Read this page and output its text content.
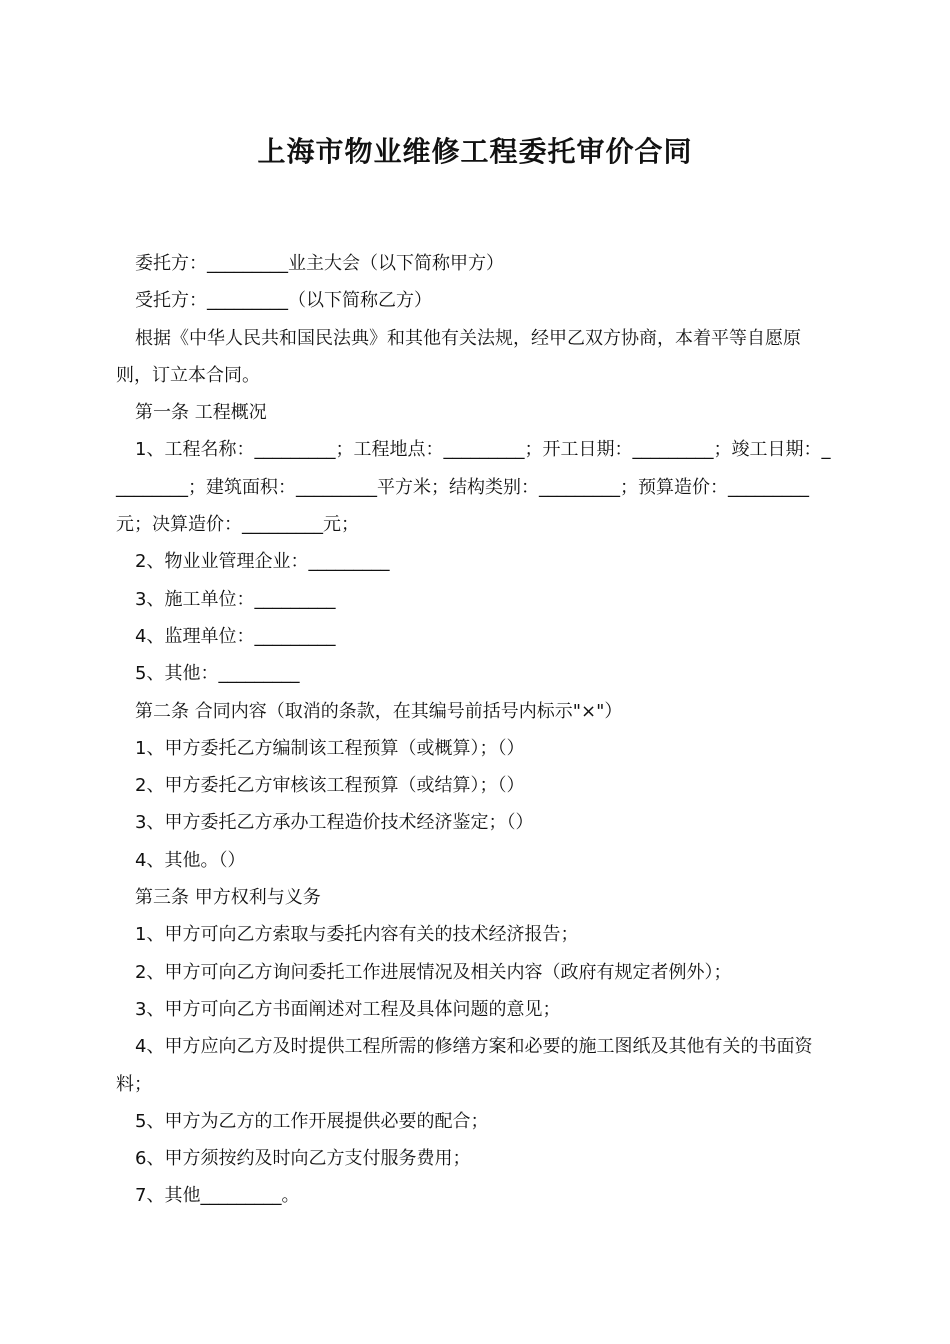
上海市物业维修工程委托审价合同

委托方：_________业主大会（以下简称甲方）

受托方：_________（以下简称乙方）

根据《中华人民共和国民法典》和其他有关法规，经甲乙双方协商，本着平等自愿原则，订立本合同。

第一条 工程概况

1、工程名称：_________；工程地点：_________；开工日期：_________；竣工日期：_________；建筑面积：_________平方米；结构类别：_________；预算造价：_________元；决算造价：_________元；

2、物业业管理企业：_________

3、施工单位：_________

4、监理单位：_________

5、其他：_________

第二条 合同内容（取消的条款，在其编号前括号内标示"×"）

1、甲方委托乙方编制该工程预算（或概算）；（）

2、甲方委托乙方审核该工程预算（或结算）；（）

3、甲方委托乙方承办工程造价技术经济鉴定；（）

4、其他。（）

第三条 甲方权利与义务

1、甲方可向乙方索取与委托内容有关的技术经济报告；

2、甲方可向乙方询问委托工作进展情况及相关内容（政府有规定者例外）；

3、甲方可向乙方书面阐述对工程及具体问题的意见；

4、甲方应向乙方及时提供工程所需的修缮方案和必要的施工图纸及其他有关的书面资料；

5、甲方为乙方的工作开展提供必要的配合；

6、甲方须按约及时向乙方支付服务费用；

7、其他_________。
